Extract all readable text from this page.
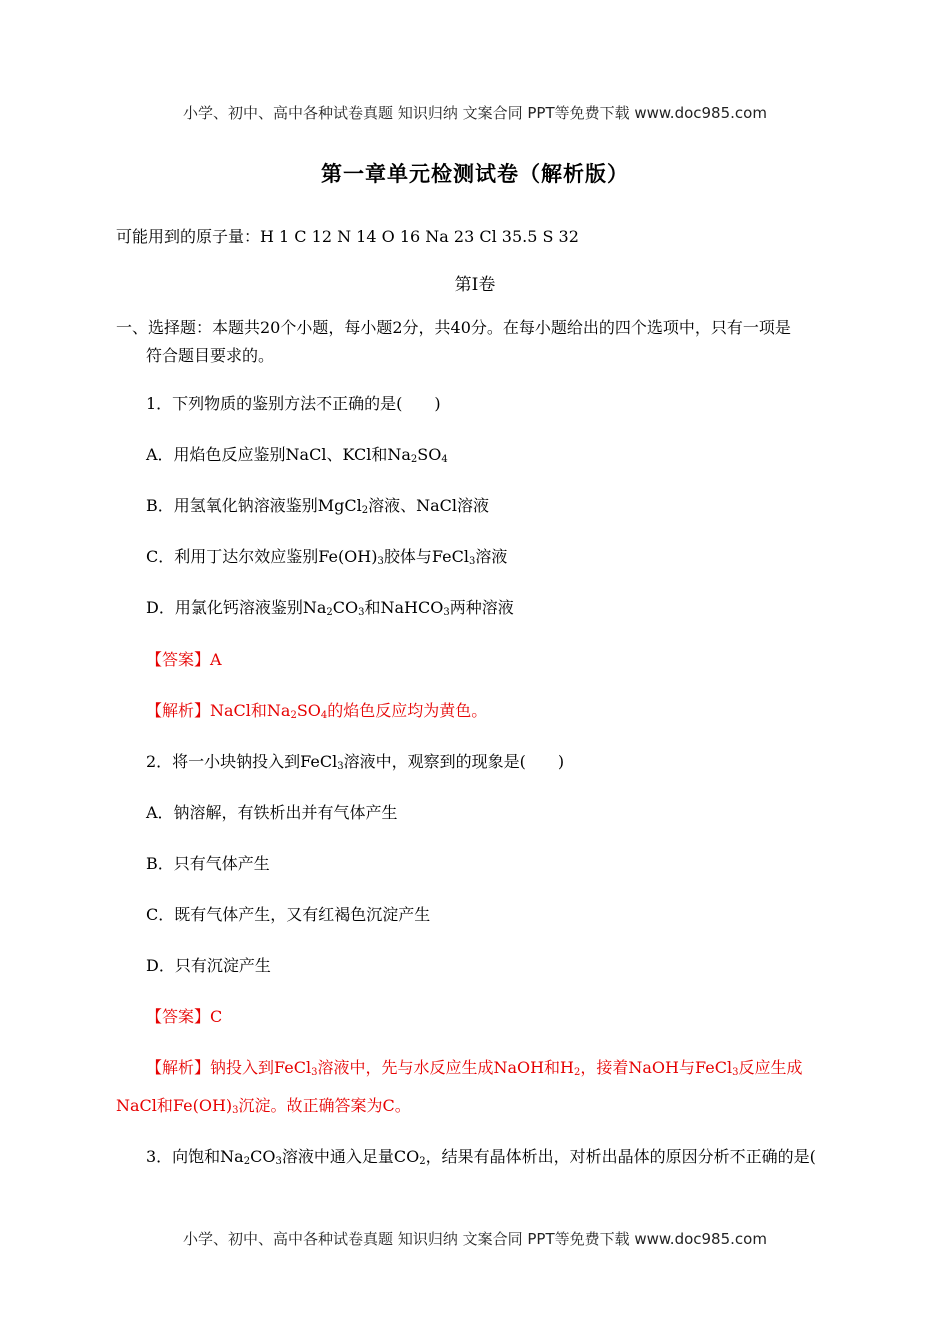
小学、初中、高中各种试卷真题 知识归纳 文案合同 PPT等免费下载 www.doc985.com
第一章单元检测试卷（解析版）
可能用到的原子量：H 1 C 12 N 14 O 16 Na 23 Cl 35.5 S 32
第Ⅰ卷
一、选择题：本题共20个小题，每小题2分，共40分。在每小题给出的四个选项中，只有一项是
符合题目要求的。
1．下列物质的鉴别方法不正确的是(　　)
A．用焰色反应鉴别NaCl、KCl和$Na_2SO_4$
B．用氢氧化钠溶液鉴别MgCl$_2$溶液、NaCl溶液
C．利用丁达尔效应鉴别$Fe(OH)_3$胶体与FeCl$_3$溶液
D．用氯化钙溶液鉴别$Na_2CO_3$和NaHCO$_3$两种溶液
【答案】A
【解析】NaCl和$Na_2SO_4$的焰色反应均为黄色。
2．将一小块钠投入到FeCl$_3$溶液中，观察到的现象是(　　)
A．钠溶解，有铁析出并有气体产生
B．只有气体产生
C．既有气体产生，又有红褐色沉淀产生
D．只有沉淀产生
【答案】C
【解析】钠投入到FeCl$_3$溶液中，先与水反应生成NaOH和$H_2$，接着NaOH与FeCl$_3$反应生成
NaCl和$Fe(OH)_3$沉淀。故正确答案为C。
3．向饱和$Na_2CO_3$溶液中通入足量$CO_2$，结果有晶体析出，对析出晶体的原因分析不正确的是(
小学、初中、高中各种试卷真题 知识归纳 文案合同 PPT等免费下载 www.doc985.com
